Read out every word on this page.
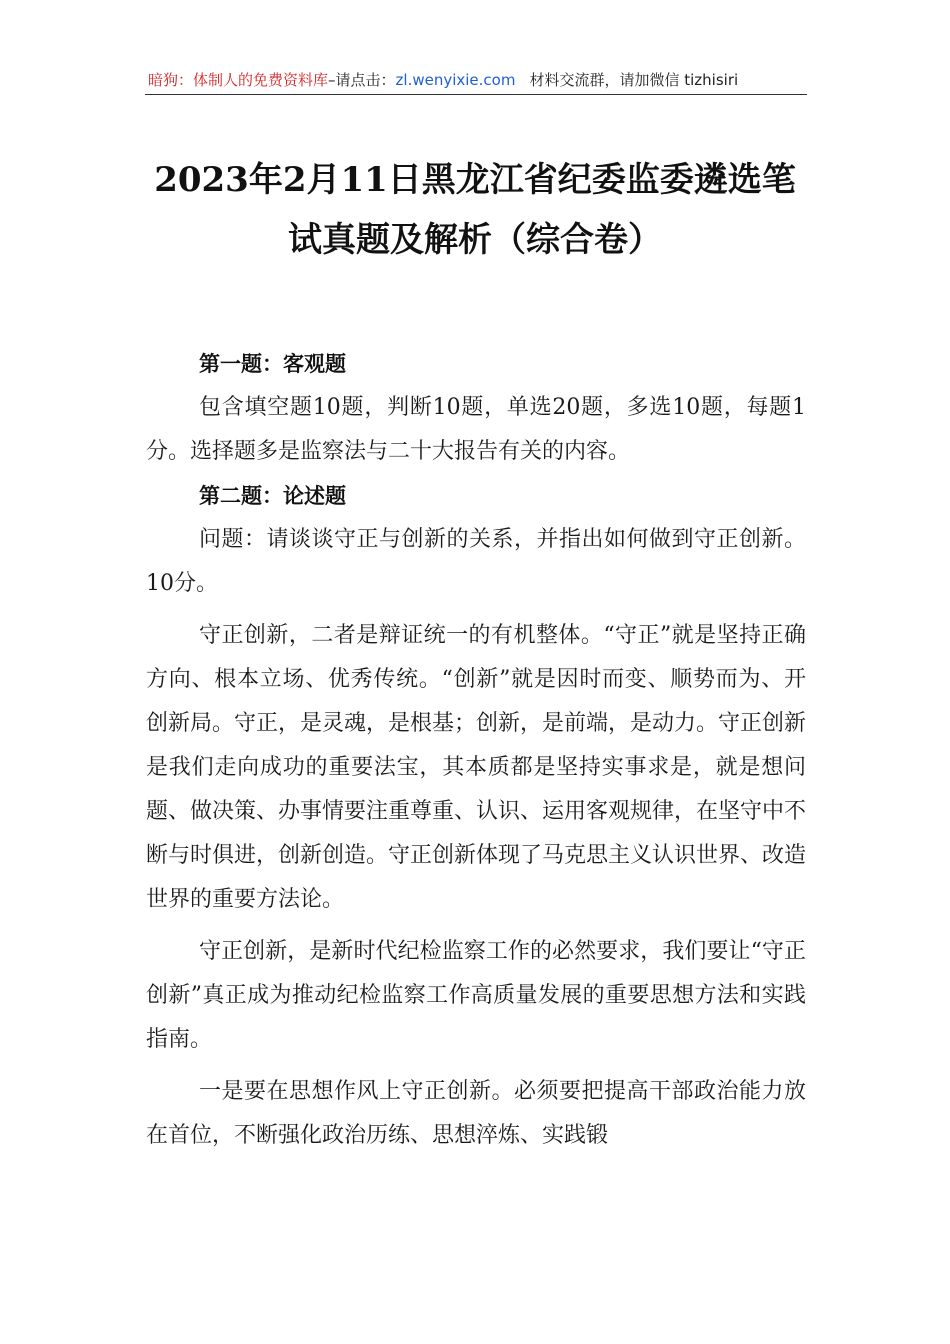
暗狗：体制人的免费资料库–请点击：zl.wenyixie.com 材料交流群，请加微信 tizhisiri
2023年2月11日黑龙江省纪委监委遴选笔
试真题及解析（综合卷）
第一题：客观题

包含填空题10题，判断10题，单选20题，多选10题，每题1分。选择题多是监察法与二十大报告有关的内容。

第二题：论述题

问题：请谈谈守正与创新的关系，并指出如何做到守正创新。10分。

守正创新，二者是辩证统一的有机整体。“守正”就是坚持正确方向、根本立场、优秀传统。“创新”就是因时而变、顺势而为、开创新局。守正，是灵魂，是根基；创新，是前端，是动力。守正创新是我们走向成功的重要法宝，其本质都是坚持实事求是，就是想问题、做决策、办事情要注重尊重、认识、运用客观规律，在坚守中不断与时俱进，创新创造。守正创新体现了马克思主义认识世界、改造世界的重要方法论。

守正创新，是新时代纪检监察工作的必然要求，我们要让“守正创新”真正成为推动纪检监察工作高质量发展的重要思想方法和实践指南。

一是要在思想作风上守正创新。必须要把提高干部政治能力放在首位，不断强化政治历练、思想淬炼、实践锻
